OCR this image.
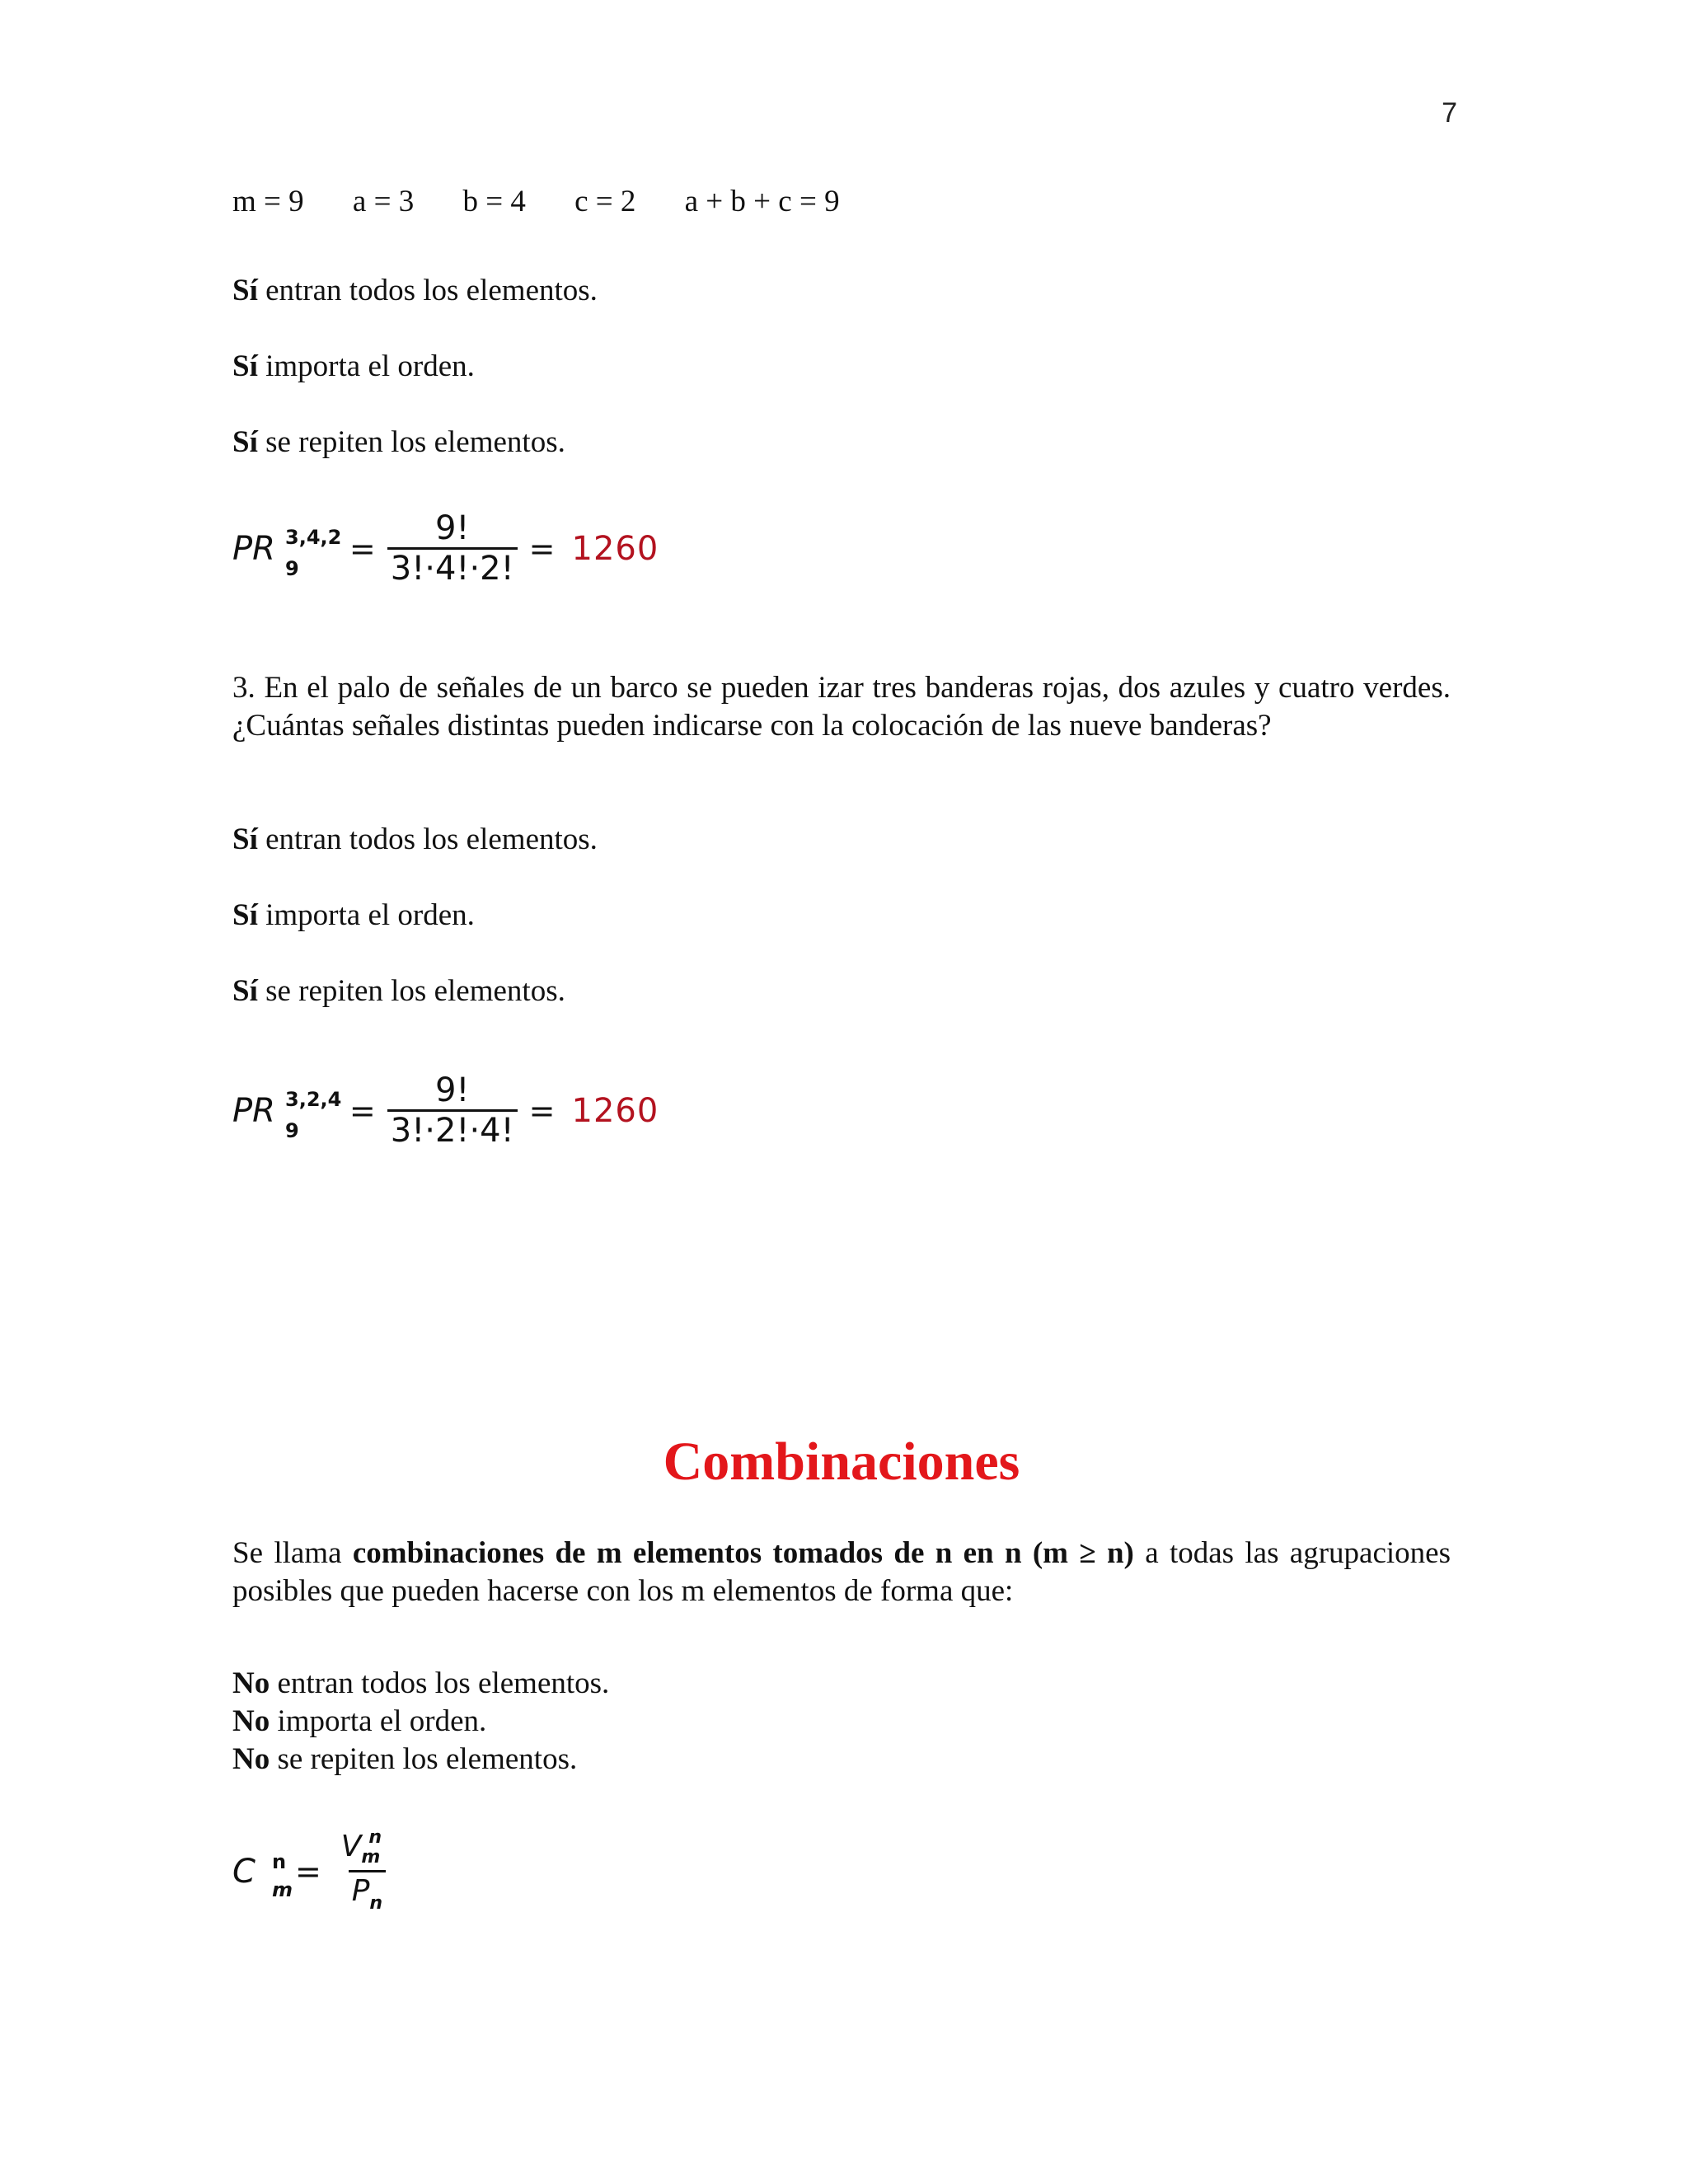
7

m = 9 a = 3 b = 4 c = 2 a + b + c = 9

Sí entran todos los elementos.

Sí importa el orden.

Sí se repiten los elementos.

PR 3,4,2
9
= $\frac{9!}{3!\cdot 4!\cdot 2!} = 1260$

3. En el palo de señales de un barco se pueden izar tres banderas rojas, dos azules y cuatro verdes. ¿Cuántas señales distintas pueden indicarse con la colocación de las nueve banderas?

Sí entran todos los elementos.

Sí importa el orden.

Sí se repiten los elementos.

PR 3,2,4
9
= $\frac{9!}{3!\cdot 2!\cdot 4!} = 1260$
Combinaciones

Se llama combinaciones de m elementos tomados de n en n (m ≥ n) a todas las agrupaciones posibles que pueden hacerse con los m elementos de forma que:

No entran todos los elementos.

No importa el orden.

No se repiten los elementos.

C n
$m = \frac{V_m^n}{P_n}$
